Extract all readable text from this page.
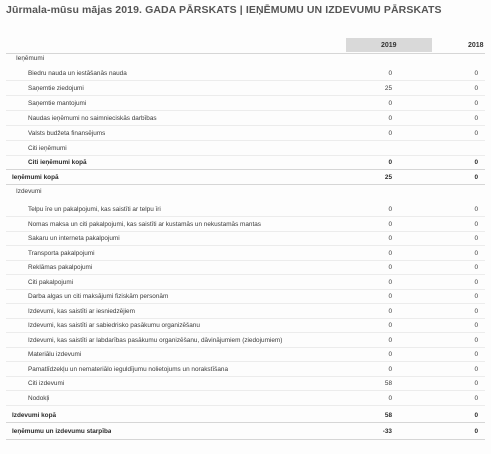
Jūrmala-mūsu mājas 2019. GADA PĀRSKATS | IEŅĒMUMU UN IZDEVUMU PĀRSKATS
2019	2018
Ieņēmumi
Biedru nauda un iestāšanās nauda	0	0
Saņemtie ziedojumi	25	0
Saņemtie mantojumi	0	0
Naudas ieņēmumi no saimnieciskās darbības	0	0
Valsts budžeta finansējums	0	0
Citi ieņēmumi
Citi ieņēmumi kopā	0	0
Ieņēmumi kopā	25	0
Izdevumi
Telpu īre un pakalpojumi, kas saistīti ar telpu īri	0	0
Nomas maksa un citi pakalpojumi, kas saistīti ar kustamās un nekustamās mantas	0	0
Sakaru un interneta pakalpojumi	0	0
Transporta pakalpojumi	0	0
Reklāmas pakalpojumi	0	0
Citi pakalpojumi	0	0
Darba algas un citi maksājumi fiziskām personām	0	0
Izdevumi, kas saistīti ar iesniedzējiem	0	0
Izdevumi, kas saistīti ar sabiedrisko pasākumu organizēšanu	0	0
Izdevumi, kas saistīti ar labdarības pasākumu organizēšanu, dāvinājumiem (ziedojumiem)	0	0
Materiālu izdevumi	0	0
Pamatlīdzekļu un nemateriālo ieguldījumu nolietojums un norakstīšana	0	0
Citi izdevumi	58	0
Nodokļi	0	0
Izdevumi kopā	58	0
Ieņēmumu un izdevumu starpība	-33	0
